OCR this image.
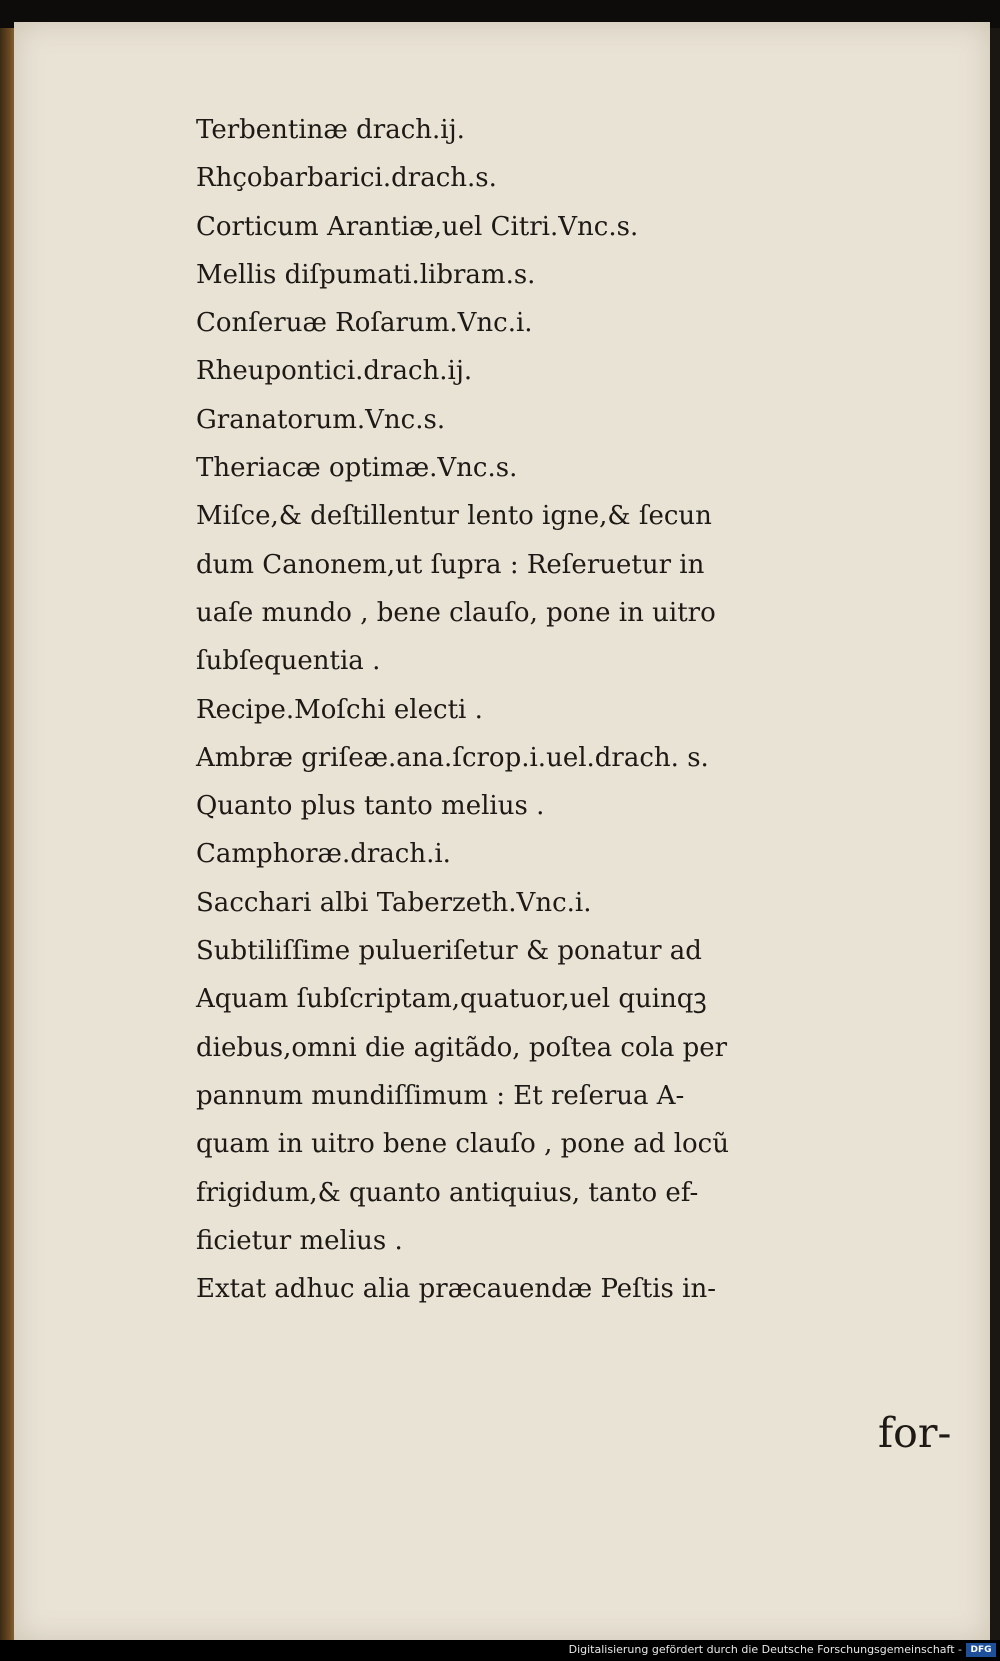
Terbentinæ drach.ij.
Rhçobarbarici.drach.s.
Corticum Arantiæ,uel Citri.Vnc.s.
Mellis diſpumati.libram.s.
Conſeruæ Roſarum.Vnc.i.
Rheupontici.drach.ij.
Granatorum.Vnc.s.
Theriacæ optimæ.Vnc.s.
Miſce,& deſtillentur lento igne,& ſecun
dum Canonem,ut ſupra : Reſeruetur in
uaſe mundo , bene clauſo, pone in uitro
ſubſequentia .
Recipe.Moſchi electi .
Ambræ griſeæ.ana.ſcrop.i.uel.drach. s.
Quanto plus tanto melius .
Camphoræ.drach.i.
Sacchari albi Taberzeth.Vnc.i.
Subtiliſſime pulueriſetur & ponatur ad
Aquam ſubſcriptam,quatuor,uel quinqꝫ
diebus,omni die agitãdo, poſtea cola per
pannum mundiſſimum : Et reſerua A-
quam in uitro bene clauſo , pone ad locũ
frigidum,& quanto antiquius, tanto ef-
ficietur melius .
Extat adhuc alia præcauendæ Peſtis in-
for-
Digitalisierung gefördert durch die Deutsche Forschungsgemeinschaft - DFG
